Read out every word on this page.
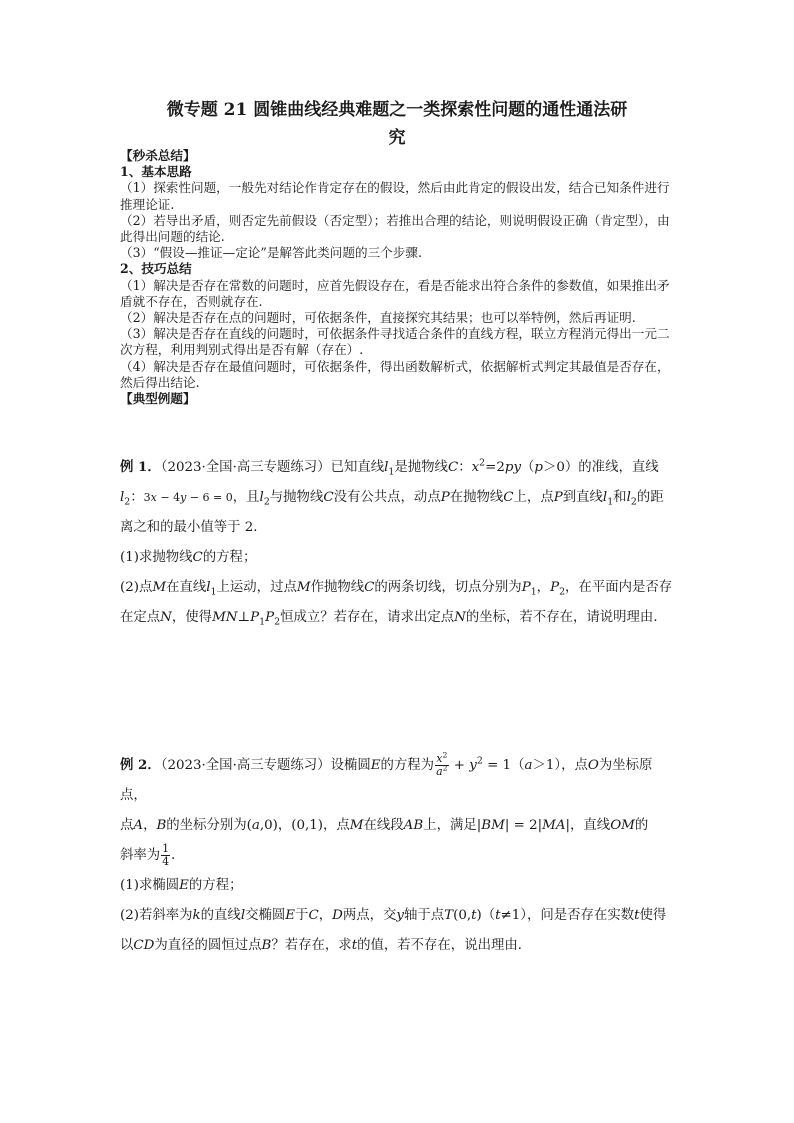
微专题 21 圆锥曲线经典难题之一类探索性问题的通性通法研
究

【秒杀总结】

1、基本思路

（1）探索性问题，一般先对结论作肯定存在的假设，然后由此肯定的假设出发，结合已知条件进行推理论证.

（2）若导出矛盾，则否定先前假设（否定型）；若推出合理的结论，则说明假设正确（肯定型），由此得出问题的结论.

（3）“假设—推证—定论”是解答此类问题的三个步骤.

2、技巧总结

（1）解决是否存在常数的问题时，应首先假设存在，看是否能求出符合条件的参数值，如果推出矛盾就不存在，否则就存在.

（2）解决是否存在点的问题时，可依据条件，直接探究其结果；也可以举特例，然后再证明.

（3）解决是否存在直线的问题时，可依据条件寻找适合条件的直线方程，联立方程消元得出一元二次方程，利用判别式得出是否有解（存在）.

（4）解决是否存在最值问题时，可依据条件，得出函数解析式，依据解析式判定其最值是否存在，然后得出结论.

【典型例题】

例 1．（2023·全国·高三专题练习）已知直线$l_1$是抛物线C：$x^2=2py(p>0)$的准线，直线$l_2$：3x − 4y − 6 = 0，且$l_2$与抛物线C没有公共点，动点P在抛物线C上，点P到直线$l_1$和$l_2$的距离之和的最小值等于 2．

(1)求抛物线C的方程；

(2)点M在直线$l_1$上运动，过点M作抛物线C的两条切线，切点分别为$P_1$，$P_2$，在平面内是否存在定点N，使得$MN\perp P_1P_2$恒成立？若存在，请求出定点N的坐标，若不存在，请说明理由．

例 2．（2023·全国·高三专题练习）设椭圆E的方程为 $\frac{x^2}{a^2} + y^2 = 1(a>1)$，点O为坐标原点，
点A，B的坐标分别为(a,0)，(0,1)，点M在线段AB上，满足|BM| = 2|MA|，直线OM的
斜率为 $\frac{1}{4}$ ．

(1)求椭圆E的方程；

(2)若斜率为k的直线l交椭圆E于C，D两点，交y轴于点T(0,t)（t≠1），问是否存在实数t使得以CD为直径的圆恒过点B？若存在，求t的值，若不存在，说出理由．
